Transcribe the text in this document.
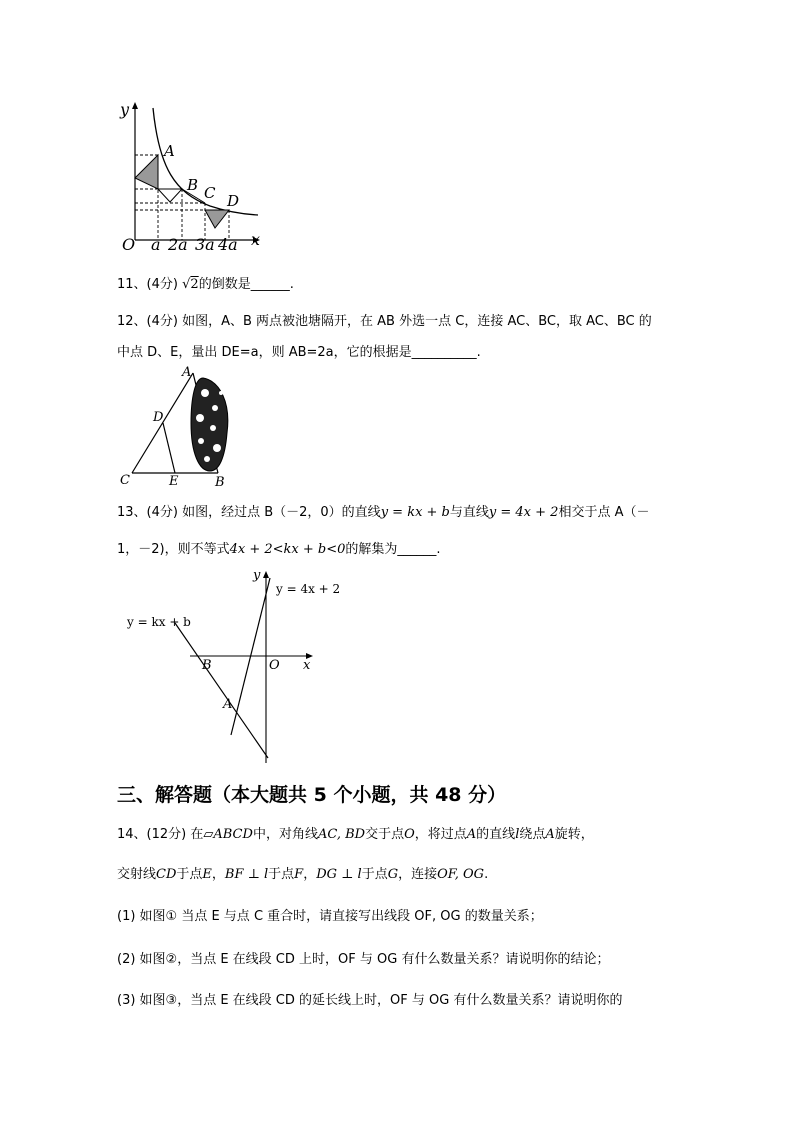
y
x
O a 2a 3a 4a
A
B C D
11、(4分) √2的倒数是______.
12、(4分) 如图，A、B 两点被池塘隔开，在 AB 外选一点 C，连接 AC、BC，取 AC、BC 的
中点 D、E，量出 DE=a，则 AB=2a，它的根据是__________.
A
D
C	E	B
13、(4分) 如图，经过点 B（－2，0）的直线y = kx + b与直线y = 4x + 2相交于点 A（－
1，－2)，则不等式4x + 2<kx + b<0的解集为______.
y
x
O
B
A
y = 4x + 2
y = kx + b
三、解答题（本大题共 5 个小题，共 48 分）
14、(12分) 在▱ABCD中，对角线AC, BD交于点O，将过点A的直线l绕点A旋转，
交射线CD于点E，BF ⊥ l于点F，DG ⊥ l于点G，连接OF, OG.
(1) 如图① 当点 E 与点 C 重合时，请直接写出线段 OF, OG 的数量关系；
(2) 如图②，当点 E 在线段 CD 上时，OF 与 OG 有什么数量关系？请说明你的结论；
(3) 如图③，当点 E 在线段 CD 的延长线上时，OF 与 OG 有什么数量关系？请说明你的
